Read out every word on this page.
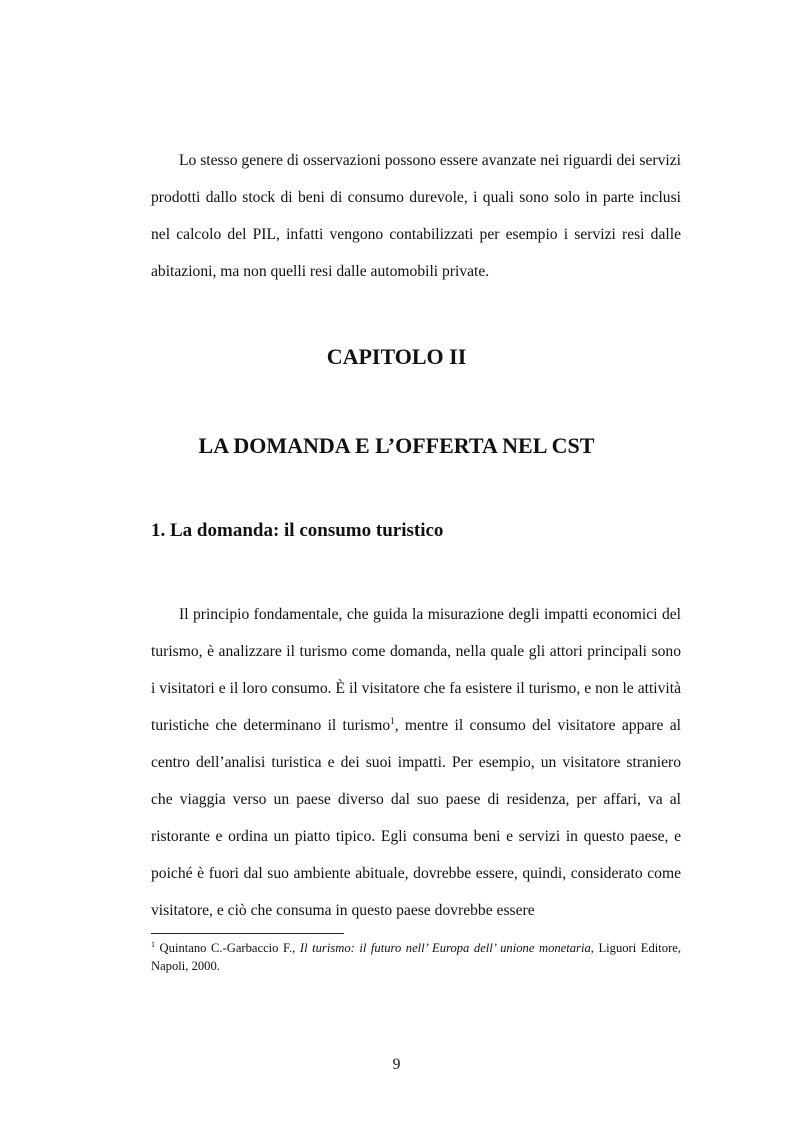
Lo stesso genere di osservazioni possono essere avanzate nei riguardi dei servizi prodotti dallo stock di beni di consumo durevole, i quali sono solo in parte inclusi nel calcolo del PIL, infatti vengono contabilizzati per esempio i servizi resi dalle abitazioni, ma non quelli resi dalle automobili private.

CAPITOLO II
LA DOMANDA E L’OFFERTA NEL CST
1. La domanda: il consumo turistico

Il principio fondamentale, che guida la misurazione degli impatti economici del turismo, è analizzare il turismo come domanda, nella quale gli attori principali sono i visitatori e il loro consumo. È il visitatore che fa esistere il turismo, e non le attività turistiche che determinano il turismo$^1$, mentre il consumo del visitatore appare al centro dell’analisi turistica e dei suoi impatti. Per esempio, un visitatore straniero che viaggia verso un paese diverso dal suo paese di residenza, per affari, va al ristorante e ordina un piatto tipico. Egli consuma beni e servizi in questo paese, e poiché è fuori dal suo ambiente abituale, dovrebbe essere, quindi, considerato come visitatore, e ciò che consuma in questo paese dovrebbe essere

$^1$ Quintano C.-Garbaccio F., Il turismo: il futuro nell’ Europa dell’ unione monetaria, Liguori Editore, Napoli, 2000.

9
